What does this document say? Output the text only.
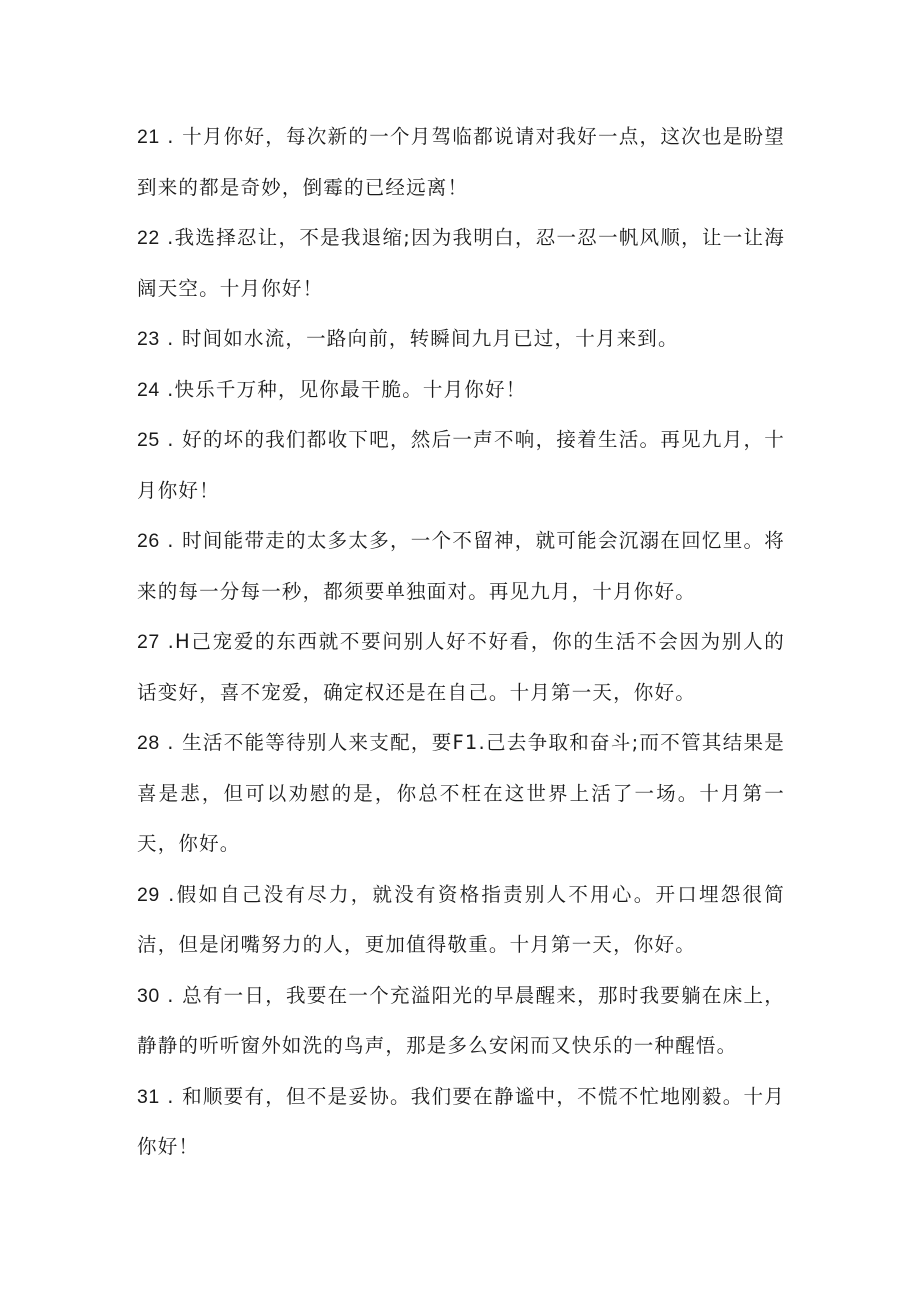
21 . 十月你好，每次新的一个月驾临都说请对我好一点，这次也是盼望到来的都是奇妙，倒霉的已经远离！

22 .我选择忍让，不是我退缩;因为我明白，忍一忍一帆风顺，让一让海阔天空。十月你好！

23 . 时间如水流，一路向前，转瞬间九月已过，十月来到。

24 .快乐千万种，见你最干脆。十月你好！

25 . 好的坏的我们都收下吧，然后一声不响，接着生活。再见九月，十月你好！

26 . 时间能带走的太多太多，一个不留神，就可能会沉溺在回忆里。将来的每一分每一秒，都须要单独面对。再见九月，十月你好。

27 .H己宠爱的东西就不要问别人好不好看，你的生活不会因为别人的话变好，喜不宠爱，确定权还是在自己。十月第一天，你好。

28 . 生活不能等待别人来支配，要F1.己去争取和奋斗;而不管其结果是喜是悲，但可以劝慰的是，你总不枉在这世界上活了一场。十月第一天，你好。

29 .假如自己没有尽力，就没有资格指责别人不用心。开口埋怨很简洁，但是闭嘴努力的人，更加值得敬重。十月第一天，你好。

30 . 总有一日，我要在一个充溢阳光的早晨醒来，那时我要躺在床上，静静的听听窗外如洗的鸟声，那是多么安闲而又快乐的一种醒悟。

31 . 和顺要有，但不是妥协。我们要在静谧中，不慌不忙地刚毅。十月你好！
